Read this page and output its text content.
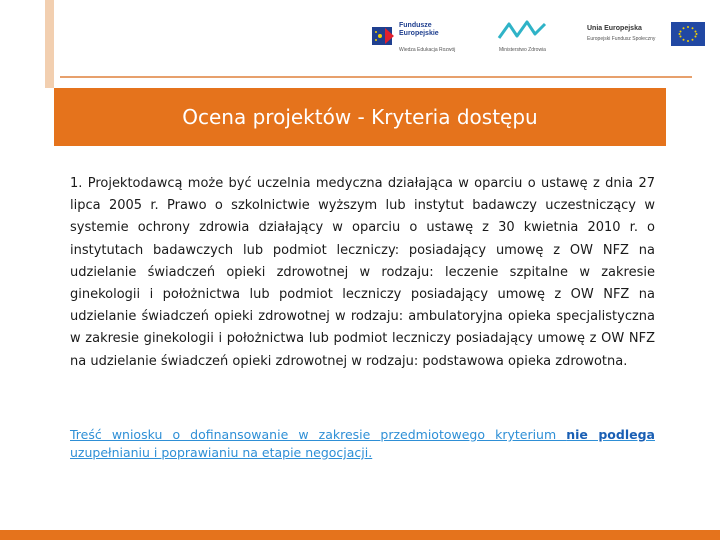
Fundusze
Europejskie
Wiedza Edukacja Rozwój	Ministerstwo Zdrowia
Unia Europejska
Europejski Fundusz Społeczny
Ocena projektów - Kryteria dostępu

1. Projektodawcą może być uczelnia medyczna działająca w oparciu o ustawę z dnia 27 lipca 2005 r. Prawo o szkolnictwie wyższym lub instytut badawczy uczestniczący w systemie ochrony zdrowia działający w oparciu o ustawę z 30 kwietnia 2010 r. o instytutach badawczych lub podmiot leczniczy: posiadający umowę z OW NFZ na udzielanie świadczeń opieki zdrowotnej w rodzaju: leczenie szpitalne w zakresie ginekologii i położnictwa lub podmiot leczniczy posiadający umowę z OW NFZ na udzielanie świadczeń opieki zdrowotnej w rodzaju: ambulatoryjna opieka specjalistyczna w zakresie ginekologii i położnictwa lub podmiot leczniczy posiadający umowę z OW NFZ na udzielanie świadczeń opieki zdrowotnej w rodzaju: podstawowa opieka zdrowotna.

Treść wniosku o dofinansowanie w zakresie przedmiotowego kryterium nie podlega uzupełnianiu i poprawianiu na etapie negocjacji.
